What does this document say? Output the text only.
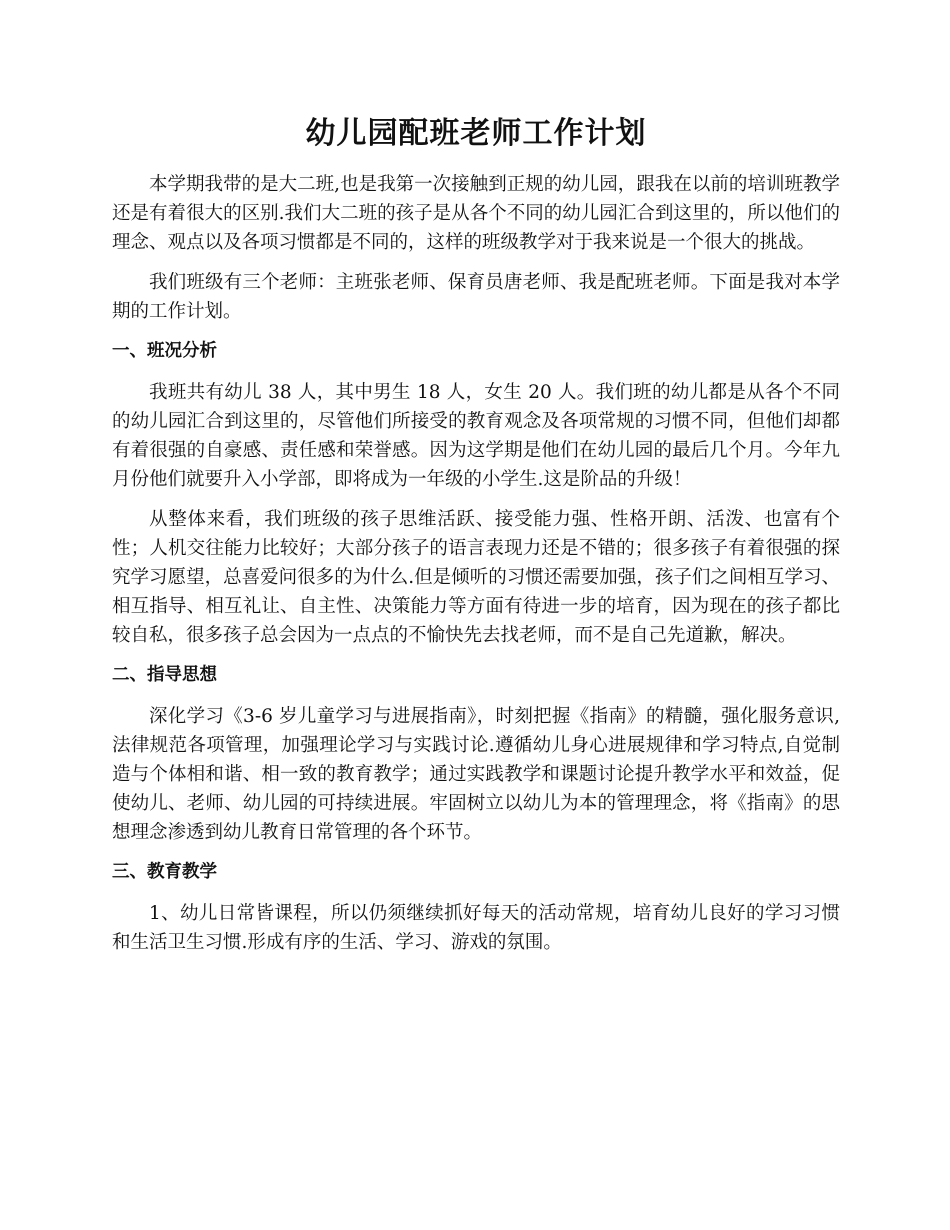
幼儿园配班老师工作计划

本学期我带的是大二班,也是我第一次接触到正规的幼儿园，跟我在以前的培训班教学还是有着很大的区别.我们大二班的孩子是从各个不同的幼儿园汇合到这里的，所以他们的理念、观点以及各项习惯都是不同的，这样的班级教学对于我来说是一个很大的挑战。

我们班级有三个老师：主班张老师、保育员唐老师、我是配班老师。下面是我对本学期的工作计划。

一、班况分析

我班共有幼儿 38 人，其中男生 18 人，女生 20 人。我们班的幼儿都是从各个不同的幼儿园汇合到这里的，尽管他们所接受的教育观念及各项常规的习惯不同，但他们却都有着很强的自豪感、责任感和荣誉感。因为这学期是他们在幼儿园的最后几个月。今年九月份他们就要升入小学部，即将成为一年级的小学生.这是阶品的升级！

从整体来看，我们班级的孩子思维活跃、接受能力强、性格开朗、活泼、也富有个性；人机交往能力比较好；大部分孩子的语言表现力还是不错的；很多孩子有着很强的探究学习愿望，总喜爱问很多的为什么.但是倾听的习惯还需要加强，孩子们之间相互学习、相互指导、相互礼让、自主性、决策能力等方面有待进一步的培育，因为现在的孩子都比较自私，很多孩子总会因为一点点的不愉快先去找老师，而不是自己先道歉，解决。

二、指导思想

深化学习《3-6 岁儿童学习与进展指南》，时刻把握《指南》的精髓，强化服务意识,法律规范各项管理，加强理论学习与实践讨论.遵循幼儿身心进展规律和学习特点,自觉制造与个体相和谐、相一致的教育教学；通过实践教学和课题讨论提升教学水平和效益，促使幼儿、老师、幼儿园的可持续进展。牢固树立以幼儿为本的管理理念，将《指南》的思想理念渗透到幼儿教育日常管理的各个环节。

三、教育教学

1、幼儿日常皆课程，所以仍须继续抓好每天的活动常规，培育幼儿良好的学习习惯和生活卫生习惯.形成有序的生活、学习、游戏的氛围。
